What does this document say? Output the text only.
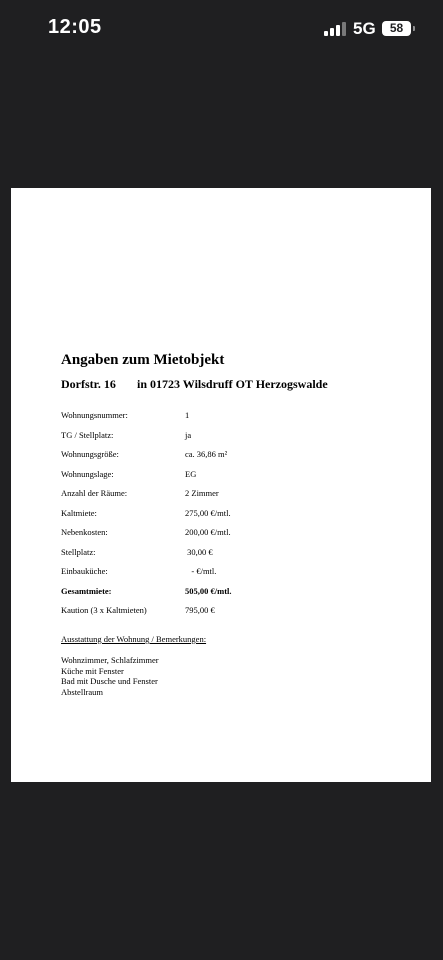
12:05	5G	58
Angaben zum Mietobjekt
Dorfstr. 16 in 01723 Wilsdruff OT Herzogswalde
Wohnungsnummer:	1
TG / Stellplatz:	ja
Wohnungsgröße:	ca. 36,86 m²
Wohnungslage:	EG
Anzahl der Räume:	2 Zimmer
Kaltmiete:	275,00 €/mtl.
Nebenkosten:	200,00 €/mtl.
Stellplatz:	30,00 €
Einbauküche:	- €/mtl.
Gesamtmiete:	505,00 €/mtl.
Kaution (3 x Kaltmieten)	795,00 €
Ausstattung der Wohnung / Bemerkungen:
Wohnzimmer, Schlafzimmer
Küche mit Fenster
Bad mit Dusche und Fenster
Abstellraum
